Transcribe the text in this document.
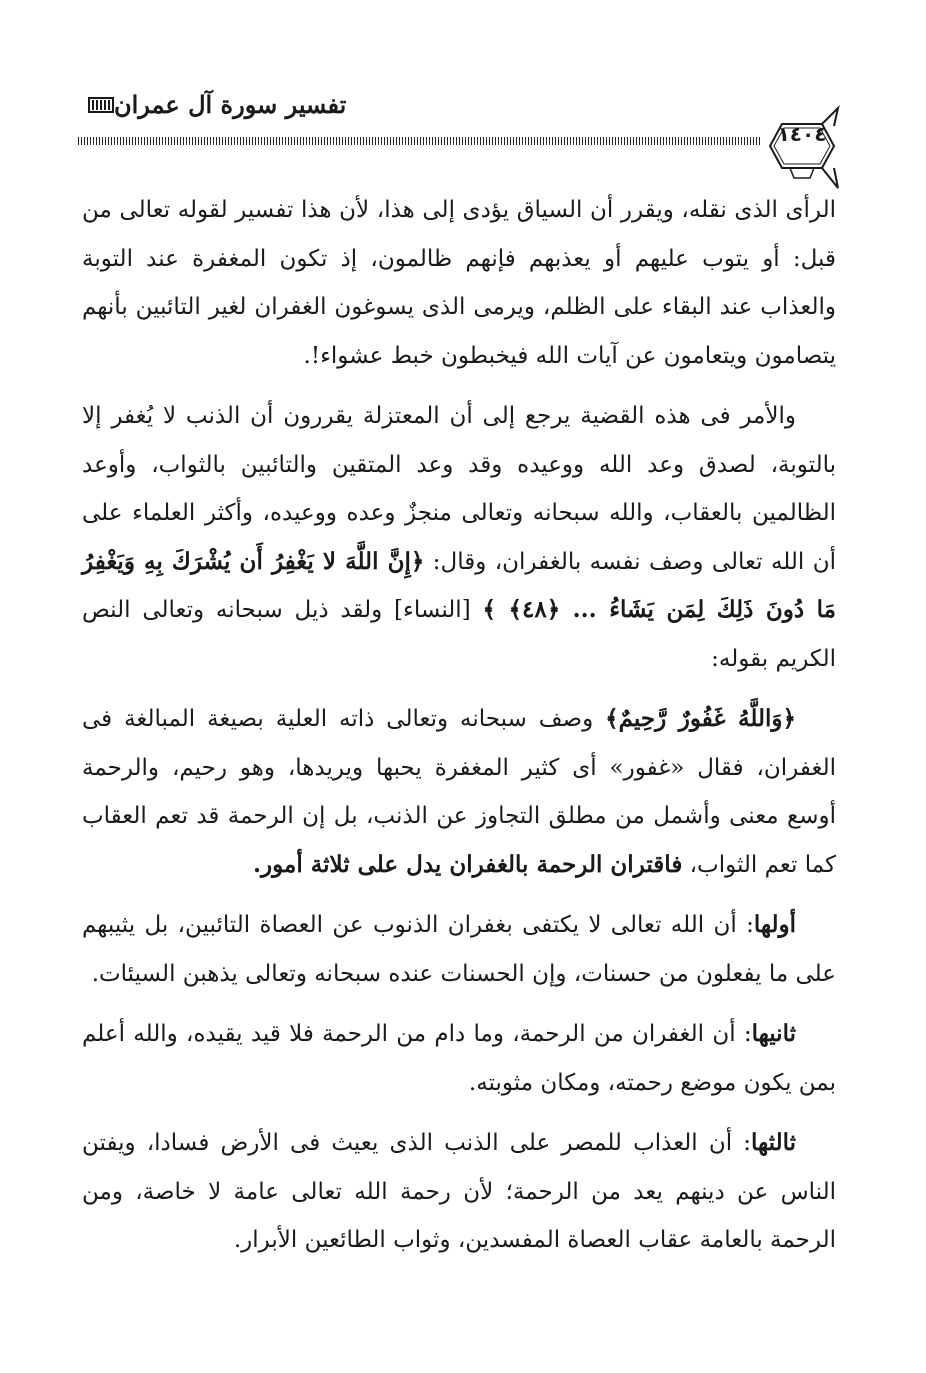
تفسير سورة آل عمران
١٤٠٤

الرأى الذى نقله، ويقرر أن السياق يؤدى إلى هذا، لأن هذا تفسير لقوله تعالى من قبل: أو يتوب عليهم أو يعذبهم فإنهم ظالمون، إذ تكون المغفرة عند التوبة والعذاب عند البقاء على الظلم، ويرمى الذى يسوغون الغفران لغير التائبين بأنهم يتصامون ويتعامون عن آيات الله فيخبطون خبط عشواء!.

والأمر فى هذه القضية يرجع إلى أن المعتزلة يقررون أن الذنب لا يُغفر إلا بالتوبة، لصدق وعد الله ووعيده وقد وعد المتقين والتائبين بالثواب، وأوعد الظالمين بالعقاب، والله سبحانه وتعالى منجزٌ وعده ووعيده، وأكثر العلماء على أن الله تعالى وصف نفسه بالغفران، وقال: ﴿إِنَّ اللَّهَ لا يَغْفِرُ أَن يُشْرَكَ بِهِ وَيَغْفِرُ مَا دُونَ ذَلِكَ لِمَن يَشَاءُ ... ﴿٤٨﴾ ﴾ [النساء] ولقد ذيل سبحانه وتعالى النص الكريم بقوله:

﴿وَاللَّهُ غَفُورٌ رَّحِيمٌ﴾ وصف سبحانه وتعالى ذاته العلية بصيغة المبالغة فى الغفران، فقال «غفور» أى كثير المغفرة يحبها ويريدها، وهو رحيم، والرحمة أوسع معنى وأشمل من مطلق التجاوز عن الذنب، بل إن الرحمة قد تعم العقاب كما تعم الثواب، فاقتران الرحمة بالغفران يدل على ثلاثة أمور.

أولها: أن الله تعالى لا يكتفى بغفران الذنوب عن العصاة التائبين، بل يثيبهم على ما يفعلون من حسنات، وإن الحسنات عنده سبحانه وتعالى يذهبن السيئات.

ثانيها: أن الغفران من الرحمة، وما دام من الرحمة فلا قيد يقيده، والله أعلم بمن يكون موضع رحمته، ومكان مثوبته.

ثالثها: أن العذاب للمصر على الذنب الذى يعيث فى الأرض فسادا، ويفتن الناس عن دينهم يعد من الرحمة؛ لأن رحمة الله تعالى عامة لا خاصة، ومن الرحمة بالعامة عقاب العصاة المفسدين، وثواب الطائعين الأبرار.
